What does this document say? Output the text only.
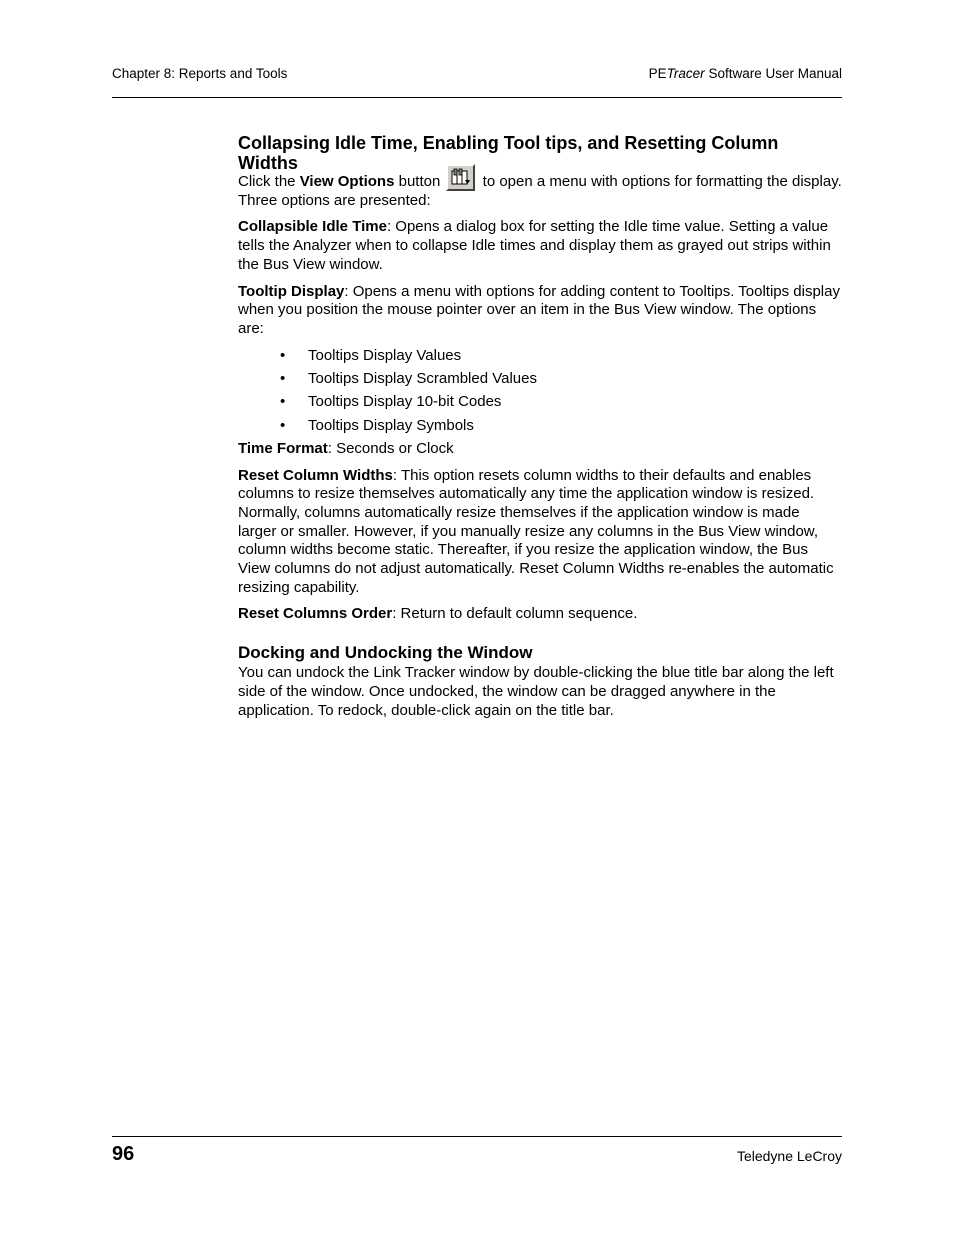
Chapter 8: Reports and Tools	PETracer Software User Manual
Collapsing Idle Time, Enabling Tool tips, and Resetting Column Widths

Click the View Options button
to open a menu with options for formatting the display. Three options are presented:

Collapsible Idle Time: Opens a dialog box for setting the Idle time value. Setting a value tells the Analyzer when to collapse Idle times and display them as grayed out strips within the Bus View window.

Tooltip Display: Opens a menu with options for adding content to Tooltips. Tooltips display when you position the mouse pointer over an item in the Bus View window. The options are:

• Tooltips Display Values
• Tooltips Display Scrambled Values
• Tooltips Display 10-bit Codes
• Tooltips Display Symbols

Time Format: Seconds or Clock

Reset Column Widths: This option resets column widths to their defaults and enables columns to resize themselves automatically any time the application window is resized. Normally, columns automatically resize themselves if the application window is made larger or smaller. However, if you manually resize any columns in the Bus View window, column widths become static. Thereafter, if you resize the application window, the Bus View columns do not adjust automatically. Reset Column Widths re-enables the automatic resizing capability.

Reset Columns Order: Return to default column sequence.

Docking and Undocking the Window

You can undock the Link Tracker window by double-clicking the blue title bar along the left side of the window. Once undocked, the window can be dragged anywhere in the application. To redock, double-click again on the title bar.

96	Teledyne LeCroy
